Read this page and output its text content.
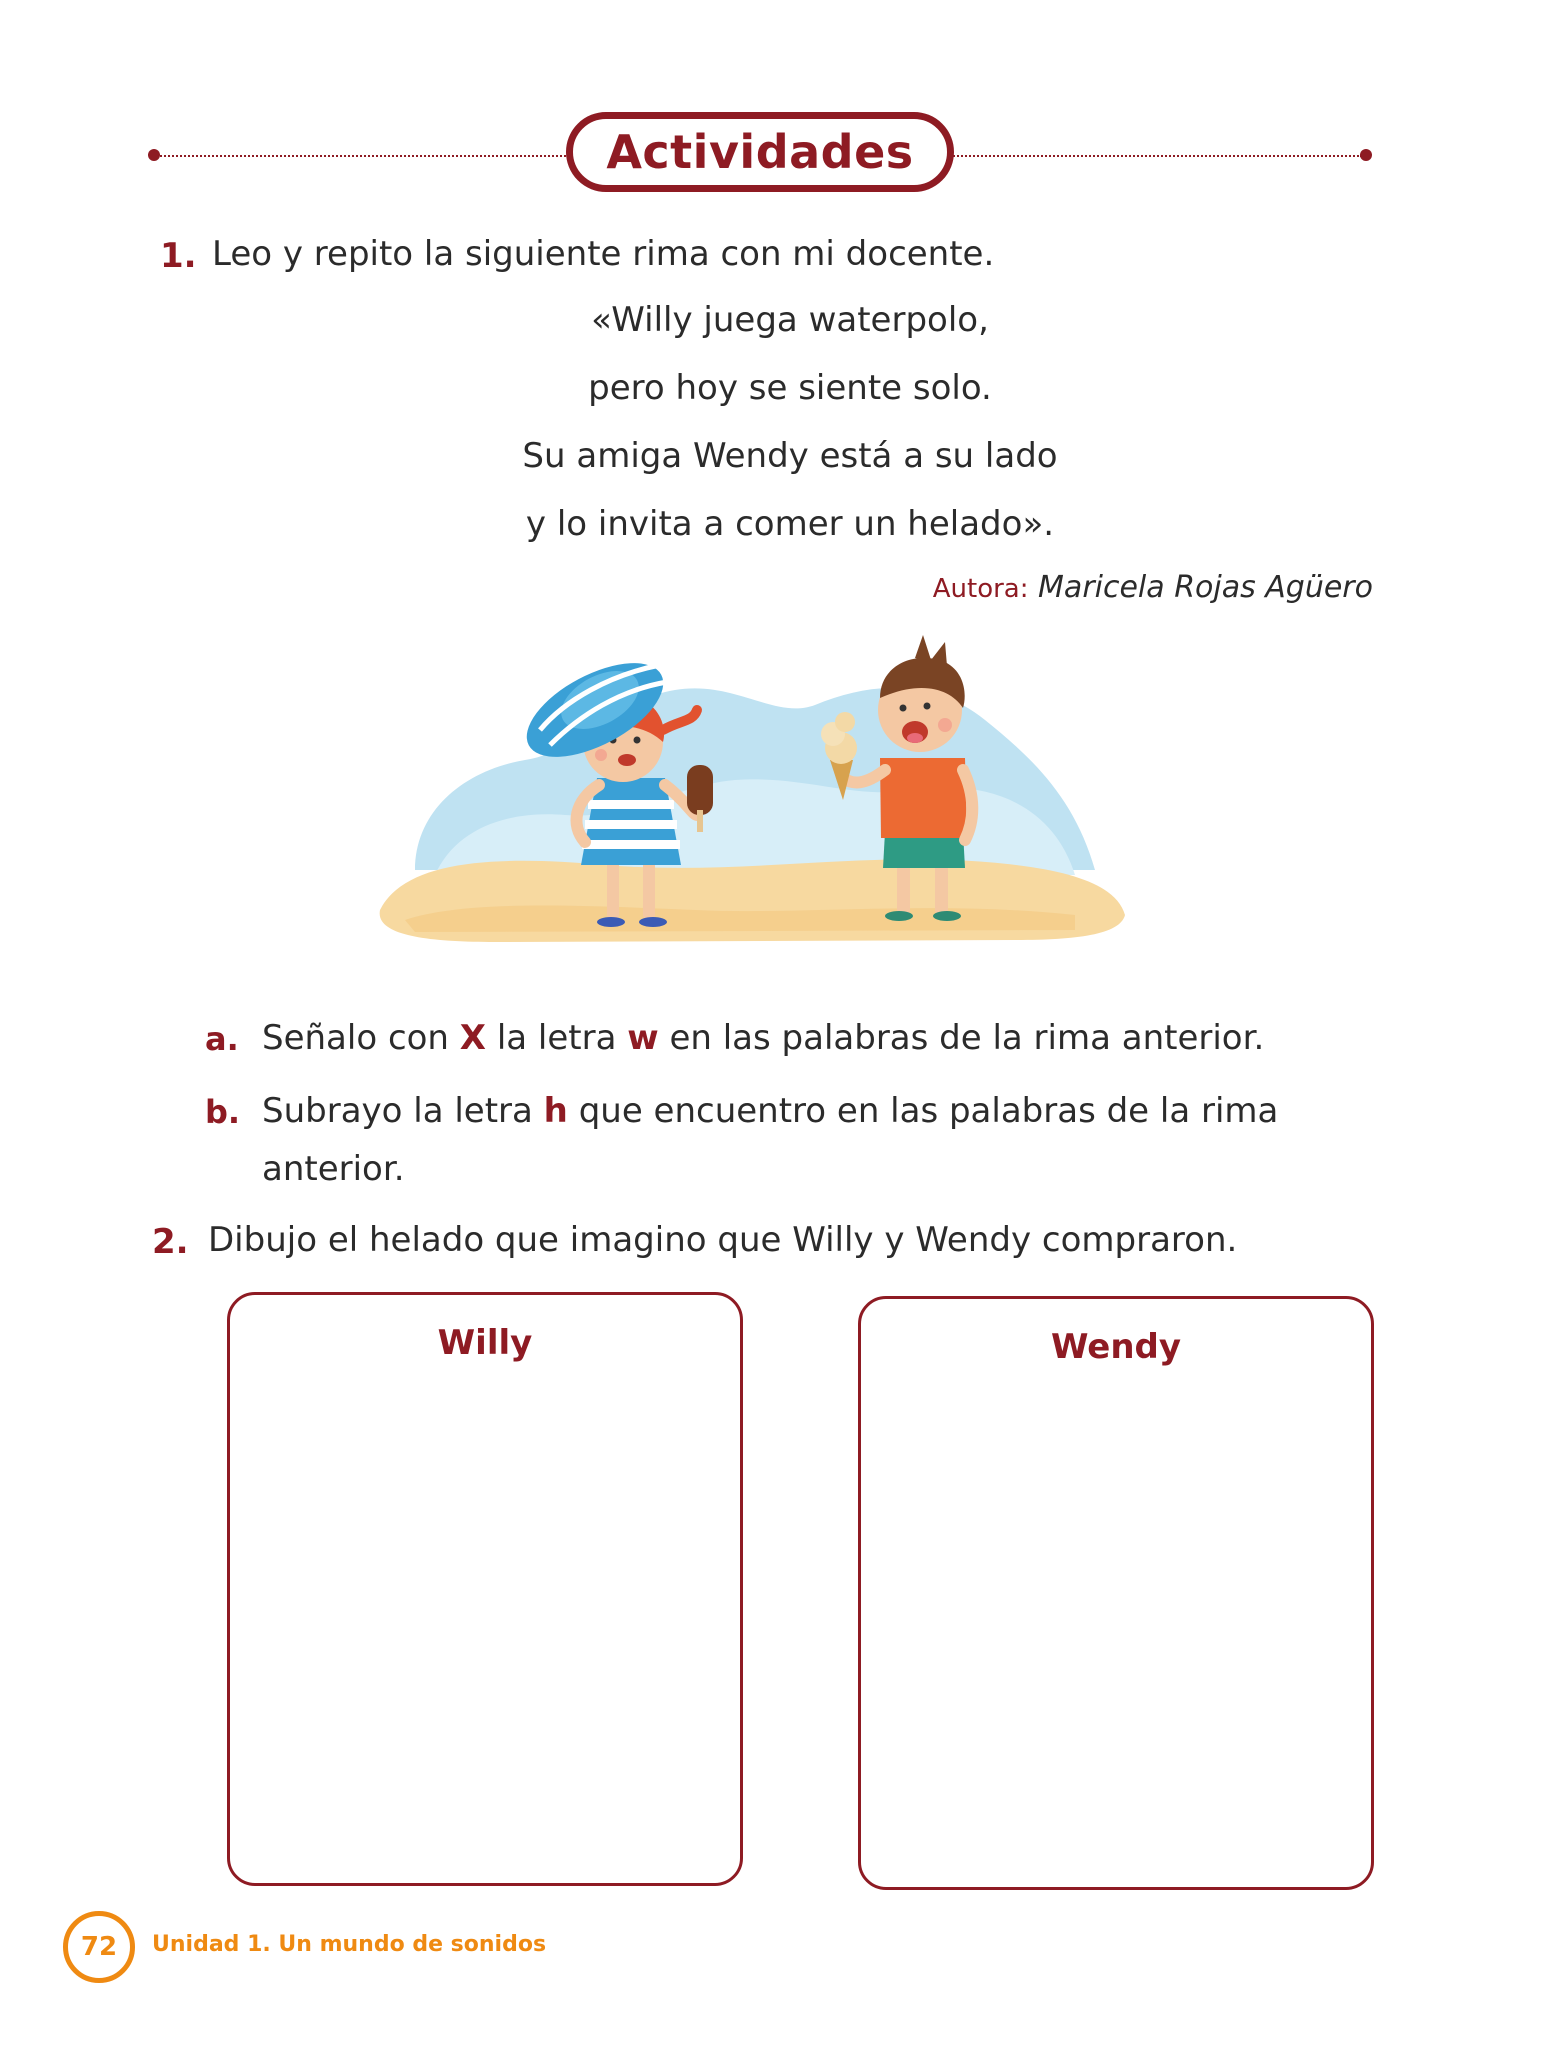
Actividades
1. Leo y repito la siguiente rima con mi docente.
«Willy juega waterpolo,
pero hoy se siente solo.
Su amiga Wendy está a su lado
y lo invita a comer un helado».
Autora: Maricela Rojas Agüero
a. Señalo con X la letra w en las palabras de la rima anterior.
b. Subrayo la letra h que encuentro en las palabras de la rima
anterior.
2. Dibujo el helado que imagino que Willy y Wendy compraron.
Willy	Wendy
72	Unidad 1. Un mundo de sonidos
